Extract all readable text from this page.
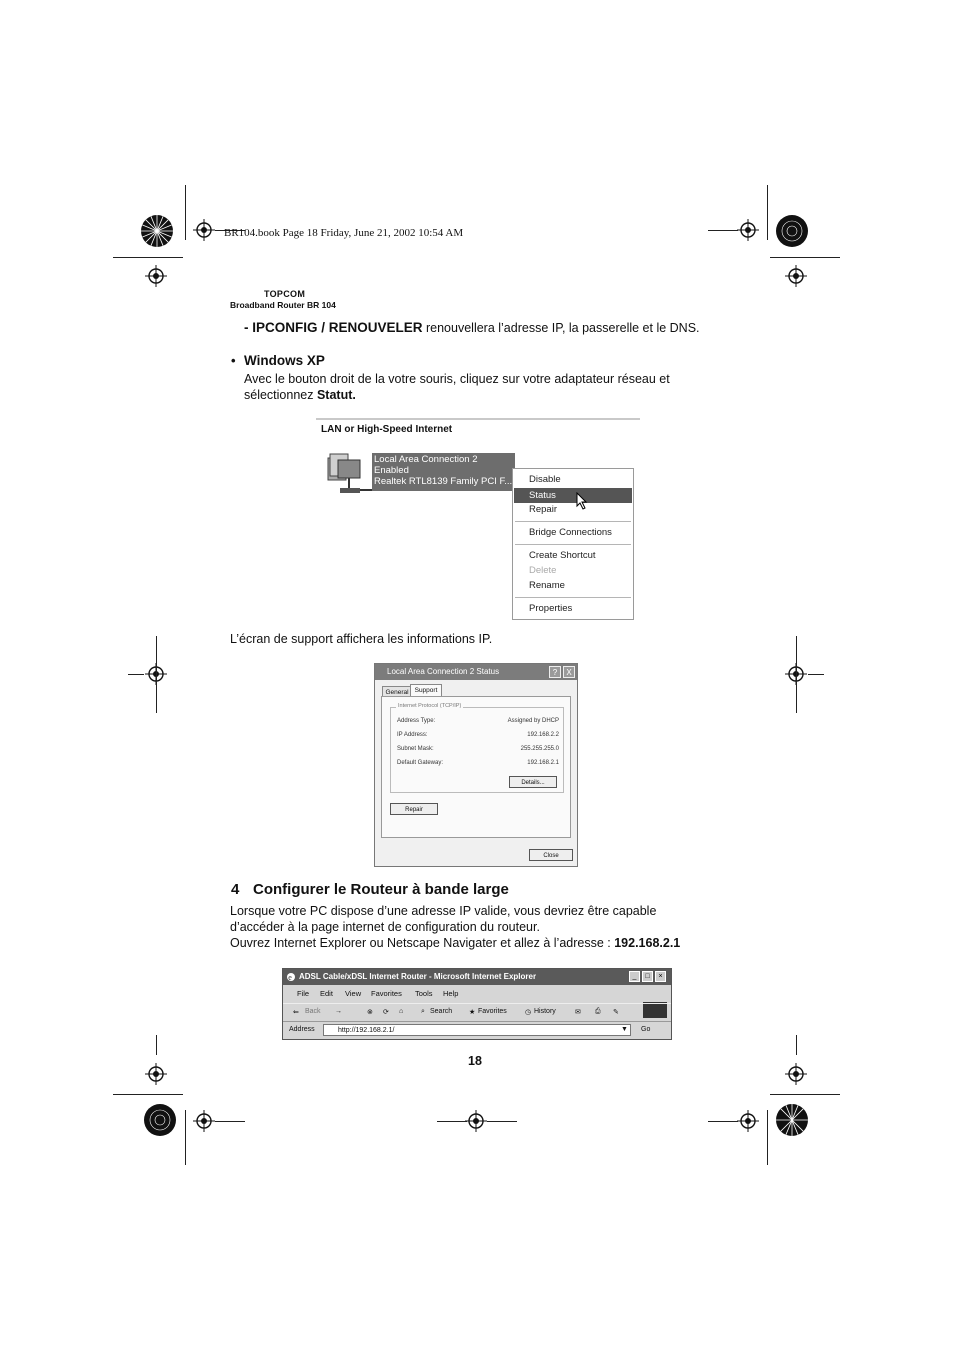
BR104.book Page 18 Friday, June 21, 2002 10:54 AM
TOPCOM
Broadband Router BR 104
- IPCONFIG / RENOUVELER renouvellera l’adresse IP, la passerelle et le DNS.
• Windows XP
Avec le bouton droit de la votre souris, cliquez sur votre adaptateur réseau et
sélectionnez Statut.
LAN or High-Speed Internet
Local Area Connection 2
Enabled
Realtek RTL8139 Family PCI F... Disable
Status
Repair
Bridge Connections
Create Shortcut
Delete
Rename
Properties
L’écran de support affichera les informations IP.
Local Area Connection 2 Status	?	X
General Support
Internet Protocol (TCP/IP)
Address Type:	Assigned by DHCP
IP Address:	192.168.2.2
Subnet Mask:	255.255.255.0
Default Gateway:	192.168.2.1
Details...
Repair
Close
4 Configurer le Routeur à bande large
Lorsque votre PC dispose d’une adresse IP valide, vous devriez être capable
d’accéder à la page internet de configuration du routeur.
Ouvrez Internet Explorer ou Netscape Navigater et allez à l’adresse : 192.168.2.1
ADSL Cable/xDSL Internet Router - Microsoft Internet Explorer
e	_	□	×
File Edit View Favorites Tools Help
⇐ Back →	⊗ ⟳ ⌂	⌕ Search ★ Favorites	◷ History	✉ ⎙ ✎
Address	http://192.168.2.1/	▼ Go
18
